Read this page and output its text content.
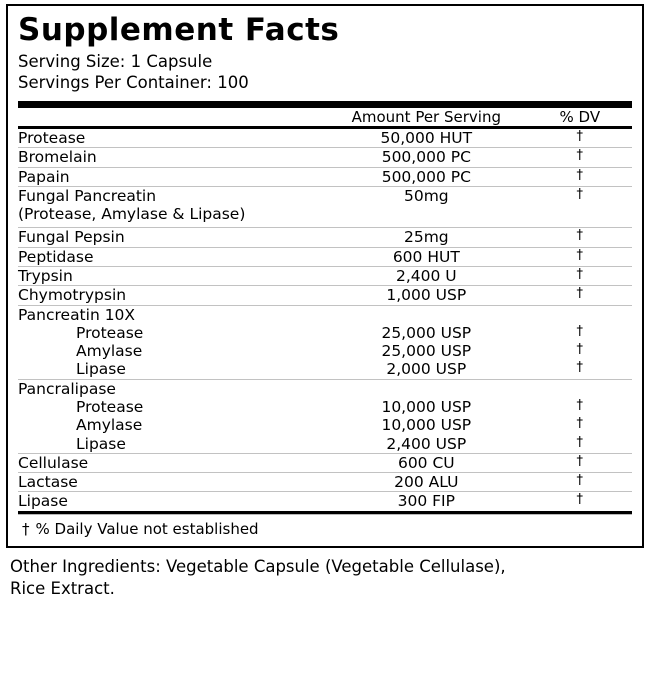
Supplement Facts
Serving Size: 1 Capsule
Servings Per Container: 100
	Amount Per Serving	% DV

Protease	50,000 HUT	†

Bromelain	500,000 PC	†

Papain	500,000 PC	†

Fungal Pancreatin	50mg	†
(Protease, Amylase & Lipase)		

Fungal Pepsin	25mg	†

Peptidase	600 HUT	†

Trypsin	2,400 U	†

Chymotrypsin	1,000 USP	†

Pancreatin 10X		
Protease	25,000 USP	†
Amylase	25,000 USP	†
Lipase	2,000 USP	†

Pancralipase		
Protease	10,000 USP	†
Amylase	10,000 USP	†
Lipase	2,400 USP	†

Cellulase	600 CU	†

Lactase	200 ALU	†

Lipase	300 FIP	†

† % Daily Value not established
Other Ingredients: Vegetable Capsule (Vegetable Cellulase),
Rice Extract.
